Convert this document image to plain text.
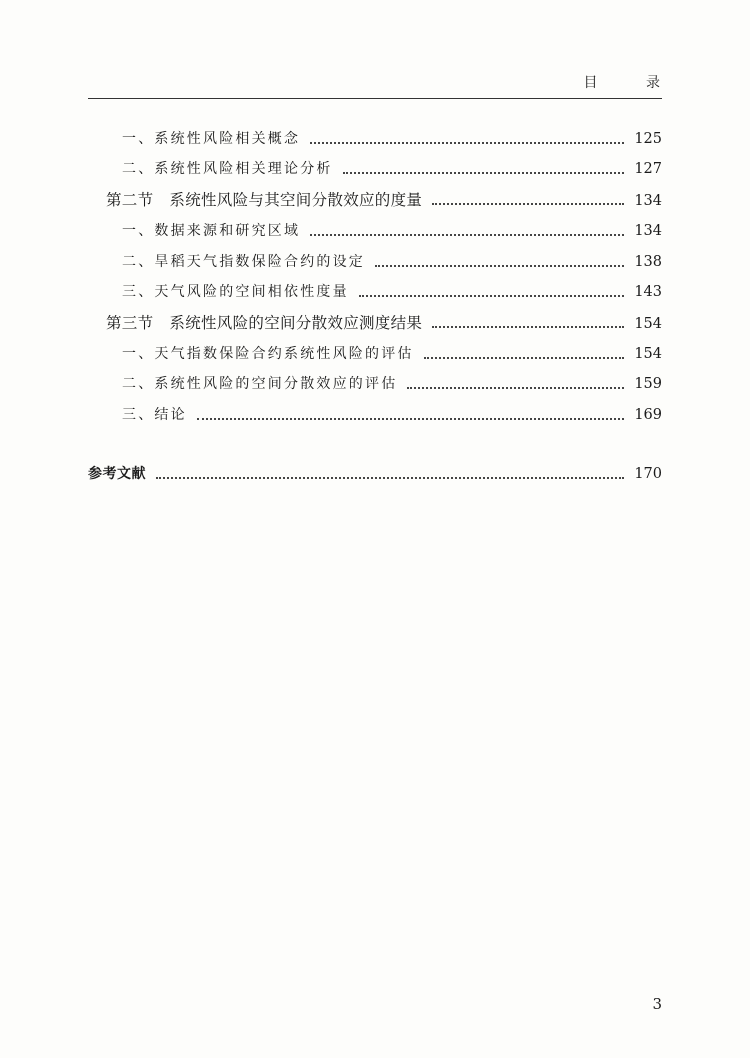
目 录
一、系统性风险相关概念	125
二、系统性风险相关理论分析	127
第二节 系统性风险与其空间分散效应的度量	134
一、数据来源和研究区域	134
二、旱稻天气指数保险合约的设定	138
三、天气风险的空间相依性度量	143
第三节 系统性风险的空间分散效应测度结果	154
一、天气指数保险合约系统性风险的评估	154
二、系统性风险的空间分散效应的评估	159
三、结论	169
参考文献	170
3
